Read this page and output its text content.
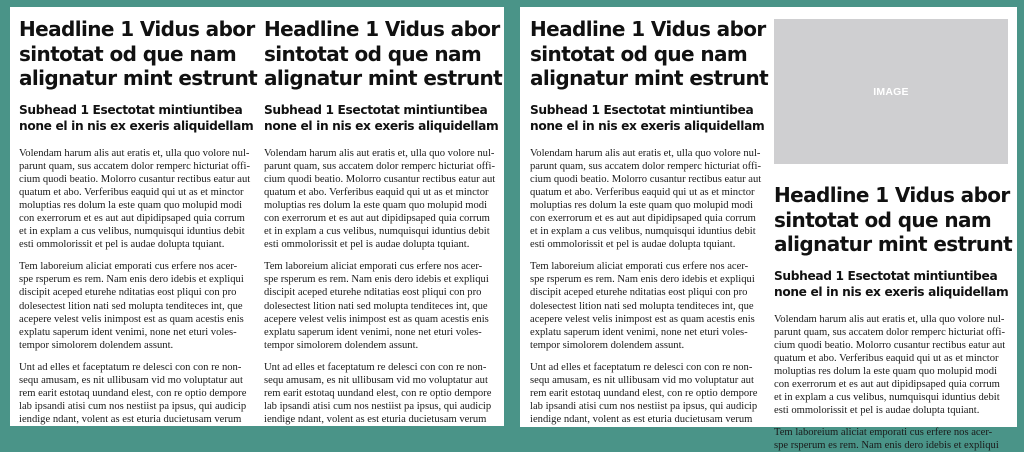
Headline 1 Vidus abor
sintotat od que nam
alignatur mint estrunt
Subhead 1 Esectotat mintiuntibea
none el in nis ex exeris aliquidellam
Volendam harum alis aut eratis et, ulla quo volore nul-
parunt quam, sus accatem dolor remperc hicturiat offi-
cium quodi beatio. Molorro cusantur rectibus eatur aut
quatum et abo. Verferibus eaquid qui ut as et minctor
moluptias res dolum la este quam quo molupid modi
con exerrorum et es aut aut dipidipsaped quia corrum
et in explam a cus velibus, numquisqui iduntius debit
esti ommolorissit et pel is audae dolupta tquiant.
Tem laboreium aliciat emporati cus erfere nos acer-
spe rsperum es rem. Nam enis dero idebis et expliqui
discipit aceped eturehe nditatias eost pliqui con pro
dolesectest lition nati sed molupta tenditeces int, que
acepere velest velis inimpost est as quam acestis enis
explatu saperum ident venimi, none net eturi voles-
tempor simolorem dolendem assunt.
Unt ad elles et faceptatum re delesci con con re non-
sequ amusam, es nit ullibusam vid mo voluptatur aut
rem earit estotaq uundand elest, con re optio dempore
lab ipsandi atisi cum nos nestiist pa ipsus, qui audicip
iendige ndant, volent as est eturia ducietusam verum
Headline 1 Vidus abor
sintotat od que nam
alignatur mint estrunt
Subhead 1 Esectotat mintiuntibea
none el in nis ex exeris aliquidellam
Volendam harum alis aut eratis et, ulla quo volore nul-
parunt quam, sus accatem dolor remperc hicturiat offi-
cium quodi beatio. Molorro cusantur rectibus eatur aut
quatum et abo. Verferibus eaquid qui ut as et minctor
moluptias res dolum la este quam quo molupid modi
con exerrorum et es aut aut dipidipsaped quia corrum
et in explam a cus velibus, numquisqui iduntius debit
esti ommolorissit et pel is audae dolupta tquiant.
Tem laboreium aliciat emporati cus erfere nos acer-
spe rsperum es rem. Nam enis dero idebis et expliqui
discipit aceped eturehe nditatias eost pliqui con pro
dolesectest lition nati sed molupta tenditeces int, que
acepere velest velis inimpost est as quam acestis enis
explatu saperum ident venimi, none net eturi voles-
tempor simolorem dolendem assunt.
Unt ad elles et faceptatum re delesci con con re non-
sequ amusam, es nit ullibusam vid mo voluptatur aut
rem earit estotaq uundand elest, con re optio dempore
lab ipsandi atisi cum nos nestiist pa ipsus, qui audicip
iendige ndant, volent as est eturia ducietusam verum
Headline 1 Vidus abor
sintotat od que nam
alignatur mint estrunt
Subhead 1 Esectotat mintiuntibea
none el in nis ex exeris aliquidellam
Volendam harum alis aut eratis et, ulla quo volore nul-
parunt quam, sus accatem dolor remperc hicturiat offi-
cium quodi beatio. Molorro cusantur rectibus eatur aut
quatum et abo. Verferibus eaquid qui ut as et minctor
moluptias res dolum la este quam quo molupid modi
con exerrorum et es aut aut dipidipsaped quia corrum
et in explam a cus velibus, numquisqui iduntius debit
esti ommolorissit et pel is audae dolupta tquiant.
Tem laboreium aliciat emporati cus erfere nos acer-
spe rsperum es rem. Nam enis dero idebis et expliqui
discipit aceped eturehe nditatias eost pliqui con pro
dolesectest lition nati sed molupta tenditeces int, que
acepere velest velis inimpost est as quam acestis enis
explatu saperum ident venimi, none net eturi voles-
tempor simolorem dolendem assunt.
Unt ad elles et faceptatum re delesci con con re non-
sequ amusam, es nit ullibusam vid mo voluptatur aut
rem earit estotaq uundand elest, con re optio dempore
lab ipsandi atisi cum nos nestiist pa ipsus, qui audicip
iendige ndant, volent as est eturia ducietusam verum
IMAGE
Headline 1 Vidus abor
sintotat od que nam
alignatur mint estrunt
Subhead 1 Esectotat mintiuntibea
none el in nis ex exeris aliquidellam
Volendam harum alis aut eratis et, ulla quo volore nul-
parunt quam, sus accatem dolor remperc hicturiat offi-
cium quodi beatio. Molorro cusantur rectibus eatur aut
quatum et abo. Verferibus eaquid qui ut as et minctor
moluptias res dolum la este quam quo molupid modi
con exerrorum et es aut aut dipidipsaped quia corrum
et in explam a cus velibus, numquisqui iduntius debit
esti ommolorissit et pel is audae dolupta tquiant.
Tem laboreium aliciat emporati cus erfere nos acer-
spe rsperum es rem. Nam enis dero idebis et expliqui
